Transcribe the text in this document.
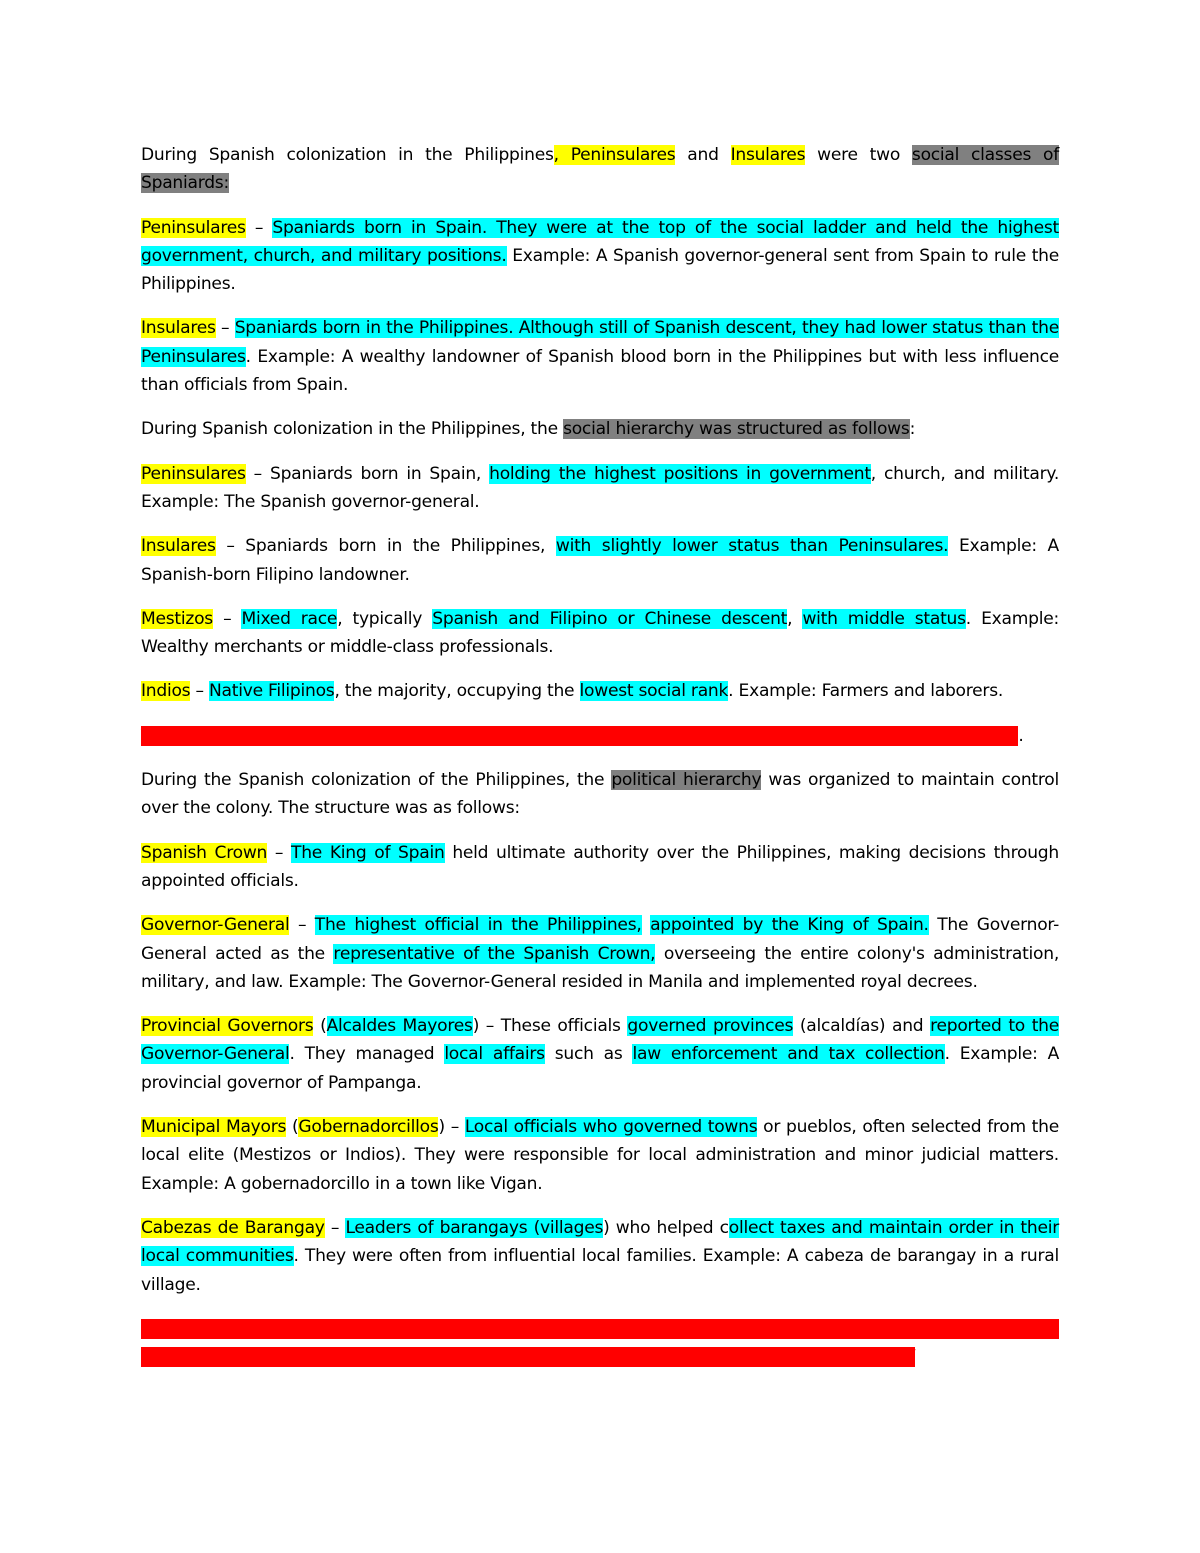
During Spanish colonization in the Philippines, Peninsulares and Insulares were two social classes of Spaniards:

Peninsulares – Spaniards born in Spain. They were at the top of the social ladder and held the highest government, church, and military positions. Example: A Spanish governor-general sent from Spain to rule the Philippines.

Insulares – Spaniards born in the Philippines. Although still of Spanish descent, they had lower status than the Peninsulares. Example: A wealthy landowner of Spanish blood born in the Philippines but with less influence than officials from Spain.

During Spanish colonization in the Philippines, the social hierarchy was structured as follows:

Peninsulares – Spaniards born in Spain, holding the highest positions in government, church, and military. Example: The Spanish governor-general.

Insulares – Spaniards born in the Philippines, with slightly lower status than Peninsulares. Example: A Spanish-born Filipino landowner.

Mestizos – Mixed race, typically Spanish and Filipino or Chinese descent, with middle status. Example: Wealthy merchants or middle-class professionals.

Indios – Native Filipinos, the majority, occupying the lowest social rank. Example: Farmers and laborers.

This hierarchy reflected the colonial power structure, with Spaniards at the top and natives at the bottom.

During the Spanish colonization of the Philippines, the political hierarchy was organized to maintain control over the colony. The structure was as follows:

Spanish Crown – The King of Spain held ultimate authority over the Philippines, making decisions through appointed officials.

Governor-General – The highest official in the Philippines, appointed by the King of Spain. The Governor-General acted as the representative of the Spanish Crown, overseeing the entire colony's administration, military, and law. Example: The Governor-General resided in Manila and implemented royal decrees.

Provincial Governors (Alcaldes Mayores) – These officials governed provinces (alcaldías) and reported to the Governor-General. They managed local affairs such as law enforcement and tax collection. Example: A provincial governor of Pampanga.

Municipal Mayors (Gobernadorcillos) – Local officials who governed towns or pueblos, often selected from the local elite (Mestizos or Indios). They were responsible for local administration and minor judicial matters. Example: A gobernadorcillo in a town like Vigan.

Cabezas de Barangay – Leaders of barangays (villages) who helped collect taxes and maintain order in their local communities. They were often from influential local families. Example: A cabeza de barangay in a rural village.

This political structure allowed the Spanish to govern the Philippines with a top-down approach, using local leaders to maintain control over the native population. Impact: Overthrew the dictatorship of
